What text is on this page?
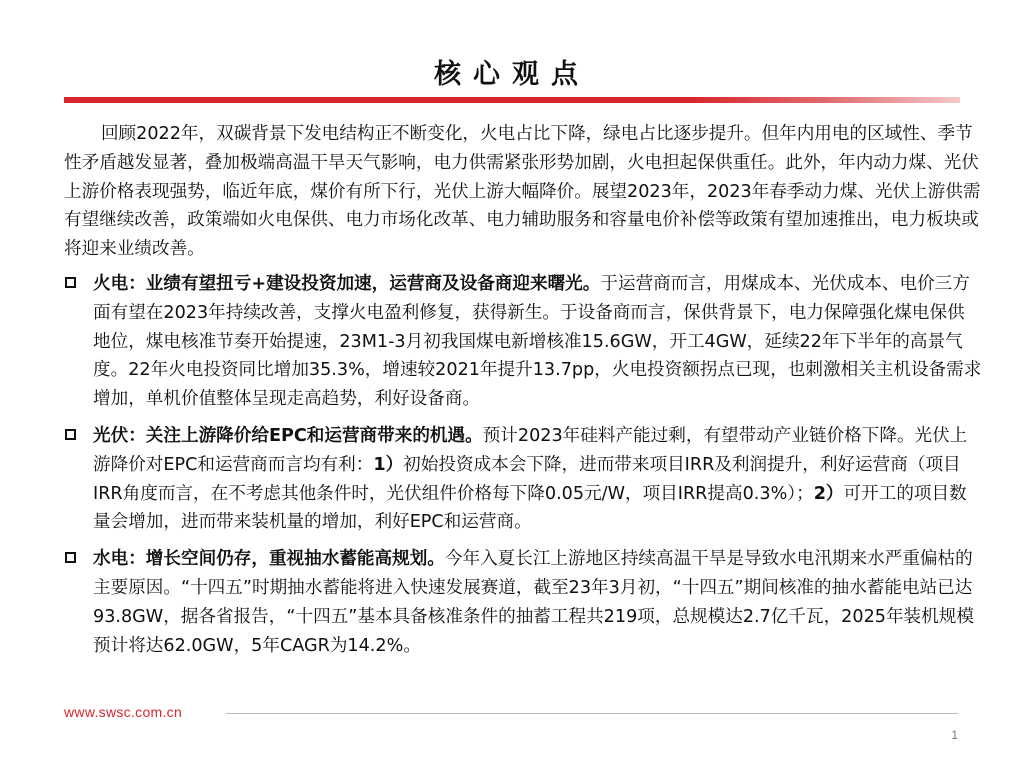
核心观点

回顾2022年，双碳背景下发电结构正不断变化，火电占比下降，绿电占比逐步提升。但年内用电的区域性、季节性矛盾越发显著，叠加极端高温干旱天气影响，电力供需紧张形势加剧，火电担起保供重任。此外，年内动力煤、光伏上游价格表现强势，临近年底，煤价有所下行，光伏上游大幅降价。展望2023年，2023年春季动力煤、光伏上游供需有望继续改善，政策端如火电保供、电力市场化改革、电力辅助服务和容量电价补偿等政策有望加速推出，电力板块或将迎来业绩改善。

火电：业绩有望扭亏+建设投资加速，运营商及设备商迎来曙光。于运营商而言，用煤成本、光伏成本、电价三方面有望在2023年持续改善，支撑火电盈利修复，获得新生。于设备商而言，保供背景下，电力保障强化煤电保供地位，煤电核准节奏开始提速，23M1-3月初我国煤电新增核准15.6GW，开工4GW，延续22年下半年的高景气度。22年火电投资同比增加35.3%，增速较2021年提升13.7pp，火电投资额拐点已现，也刺激相关主机设备需求增加，单机价值整体呈现走高趋势，利好设备商。
光伏：关注上游降价给EPC和运营商带来的机遇。预计2023年硅料产能过剩，有望带动产业链价格下降。光伏上游降价对EPC和运营商而言均有利：1）初始投资成本会下降，进而带来项目IRR及利润提升，利好运营商（项目IRR角度而言，在不考虑其他条件时，光伏组件价格每下降0.05元/W，项目IRR提高0.3%）；2）可开工的项目数量会增加，进而带来装机量的增加，利好EPC和运营商。
水电：增长空间仍存，重视抽水蓄能高规划。今年入夏长江上游地区持续高温干旱是导致水电汛期来水严重偏枯的主要原因。“十四五”时期抽水蓄能将进入快速发展赛道，截至23年3月初，“十四五”期间核准的抽水蓄能电站已达93.8GW，据各省报告，“十四五”基本具备核准条件的抽蓄工程共219项，总规模达2.7亿千瓦，2025年装机规模预计将达62.0GW，5年CAGR为14.2%。
www.swsc.com.cn
1
